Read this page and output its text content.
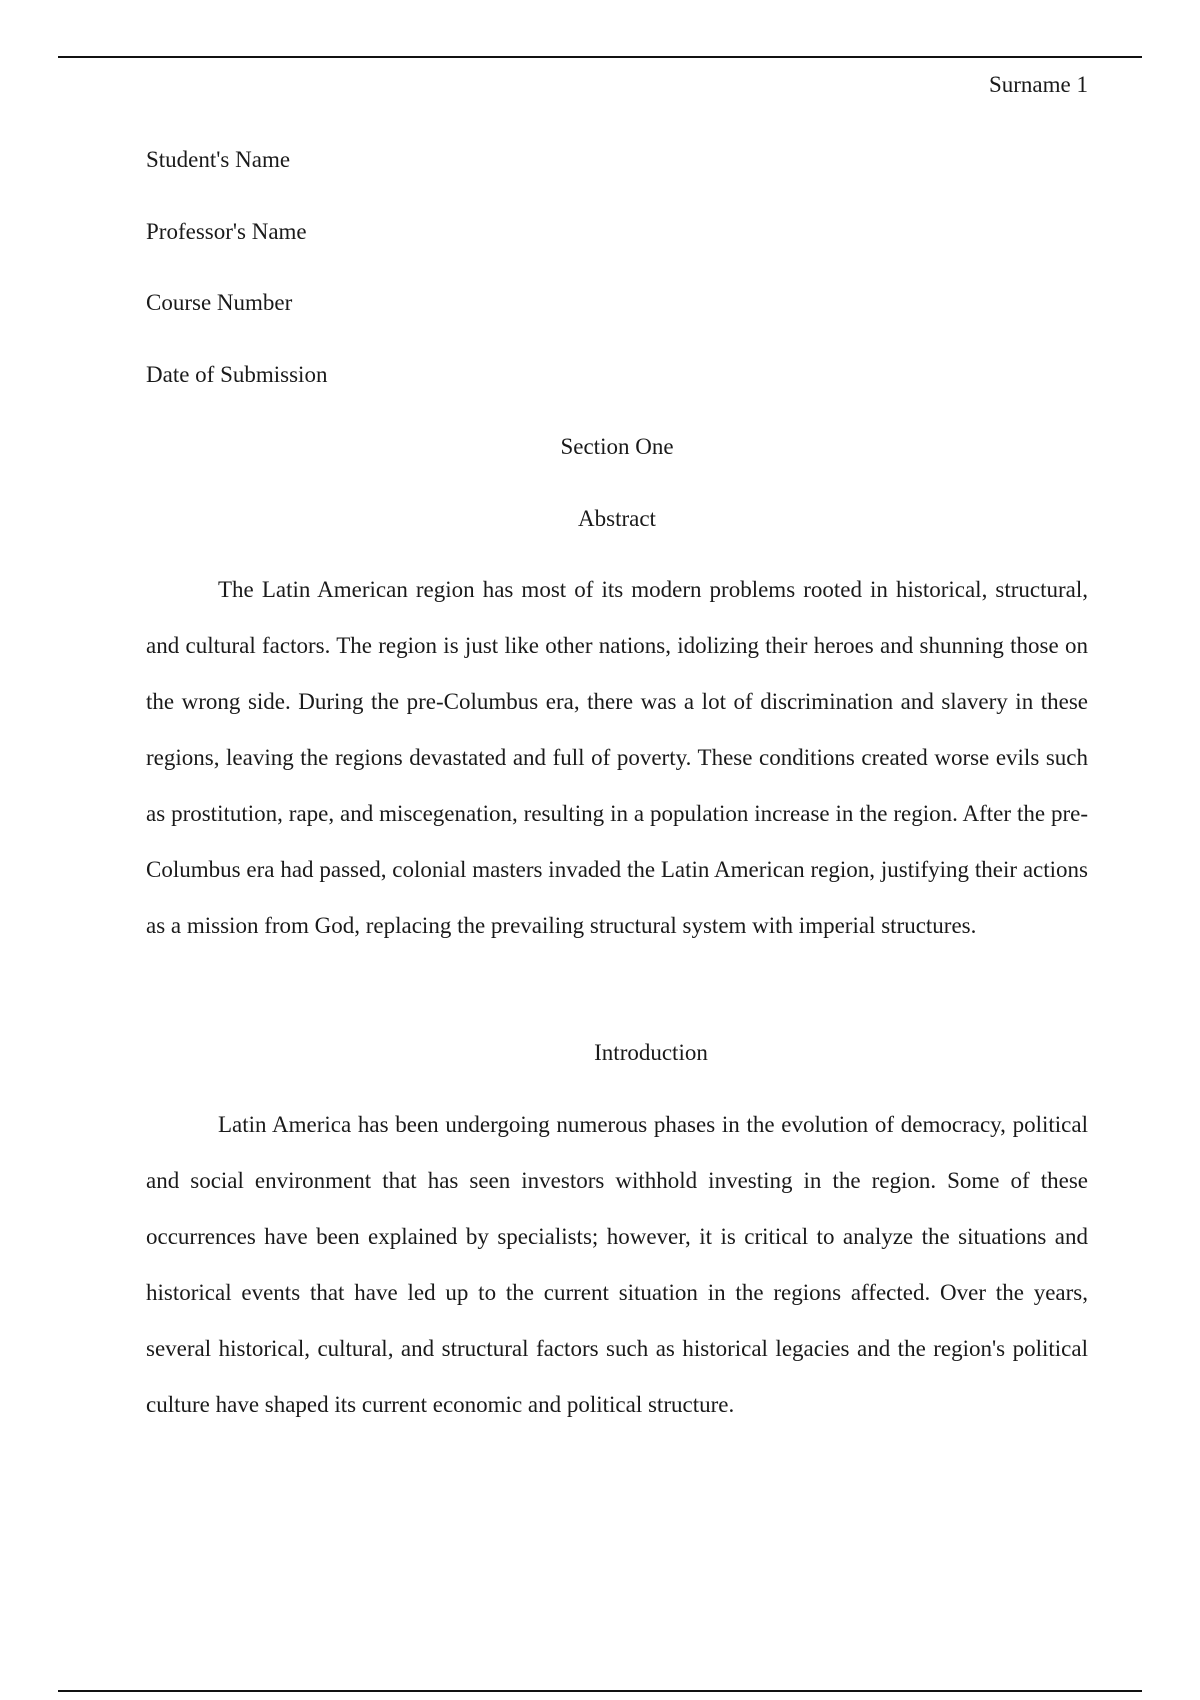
Surname 1

Student's Name

Professor's Name

Course Number

Date of Submission

Section One

Abstract

The Latin American region has most of its modern problems rooted in historical, structural, and cultural factors. The region is just like other nations, idolizing their heroes and shunning those on the wrong side. During the pre-Columbus era, there was a lot of discrimination and slavery in these regions, leaving the regions devastated and full of poverty. These conditions created worse evils such as prostitution, rape, and miscegenation, resulting in a population increase in the region. After the pre-Columbus era had passed, colonial masters invaded the Latin American region, justifying their actions as a mission from God, replacing the prevailing structural system with imperial structures.

Introduction

Latin America has been undergoing numerous phases in the evolution of democracy, political and social environment that has seen investors withhold investing in the region. Some of these occurrences have been explained by specialists; however, it is critical to analyze the situations and historical events that have led up to the current situation in the regions affected. Over the years, several historical, cultural, and structural factors such as historical legacies and the region's political culture have shaped its current economic and political structure.
